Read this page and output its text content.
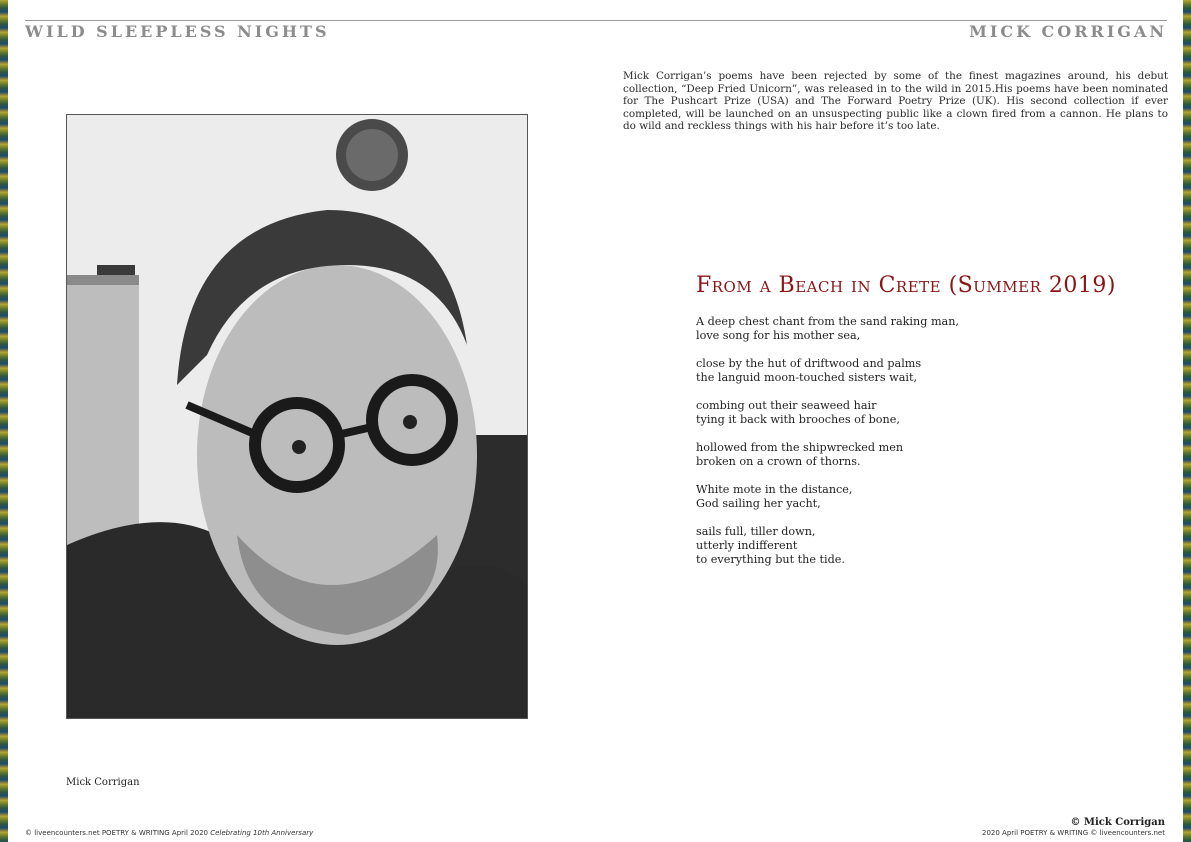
WILD SLEEPLESS NIGHTS	MICK CORRIGAN
Mick Corrigan’s poems have been rejected by some of the finest magazines around, his debut collection, “Deep Fried Unicorn”, was released in to the wild in 2015.His poems have been nominated for The Pushcart Prize (USA) and The Forward Poetry Prize (UK). His second collection if ever completed, will be launched on an unsuspecting public like a clown fired from a cannon. He plans to do wild and reckless things with his hair before it’s too late.
Mick Corrigan
From a Beach in Crete (Summer 2019)
A deep chest chant from the sand raking man,
love song for his mother sea,
close by the hut of driftwood and palms
the languid moon-touched sisters wait,
combing out their seaweed hair
tying it back with brooches of bone,
hollowed from the shipwrecked men
broken on a crown of thorns.
White mote in the distance,
God sailing her yacht,
sails full, tiller down,
utterly indifferent
to everything but the tide.
© liveencounters.net POETRY & WRITING April 2020 Celebrating 10th Anniversary
© Mick Corrigan
2020 April POETRY & WRITING © liveencounters.net
